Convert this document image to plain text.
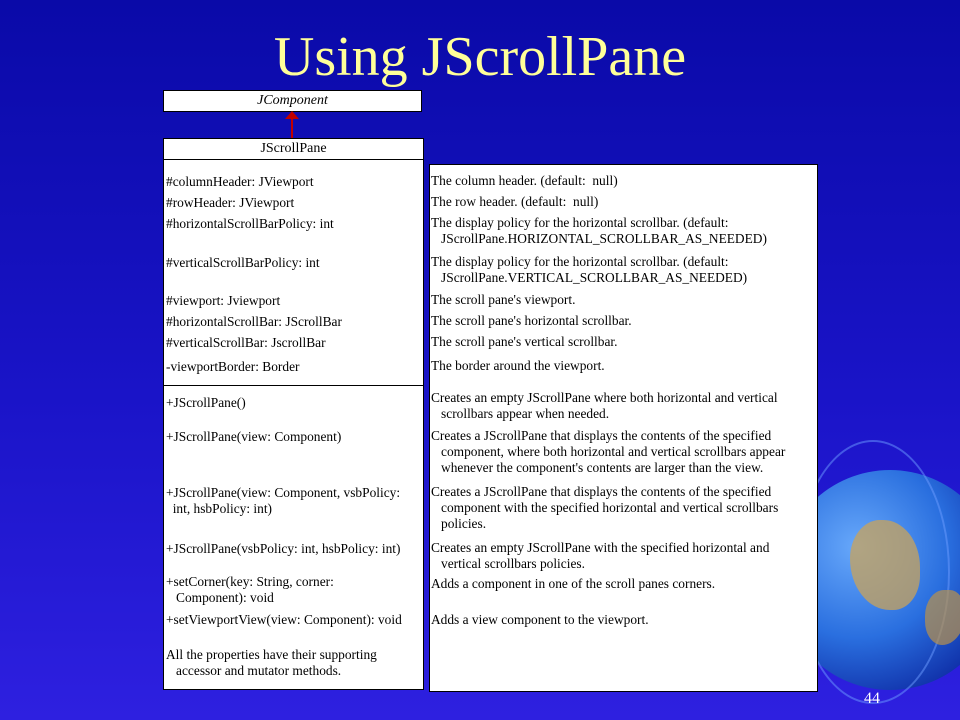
Using JScrollPane
JComponent
JScrollPane
#columnHeader: JViewport
#rowHeader: JViewport
#horizontalScrollBarPolicy: int
#verticalScrollBarPolicy: int
#viewport: Jviewport
#horizontalScrollBar: JScrollBar
#verticalScrollBar: JscrollBar
-viewportBorder: Border
+JScrollPane()
+JScrollPane(view: Component)
+JScrollPane(view: Component, vsbPolicy:
int, hsbPolicy: int)
+JScrollPane(vsbPolicy: int, hsbPolicy: int)
+setCorner(key: String, corner:
Component): void
+setViewportView(view: Component): void
All the properties have their supporting
accessor and mutator methods.
The column header. (default:  null)
The row header. (default:  null)
The display policy for the horizontal scrollbar. (default:
JScrollPane.HORIZONTAL_SCROLLBAR_AS_NEEDED)
The display policy for the horizontal scrollbar. (default:
JScrollPane.VERTICAL_SCROLLBAR_AS_NEEDED)
The scroll pane's viewport.
The scroll pane's horizontal scrollbar.
The scroll pane's vertical scrollbar.
The border around the viewport.
Creates an empty JScrollPane where both horizontal and vertical
scrollbars appear when needed.
Creates a JScrollPane that displays the contents of the specified
component, where both horizontal and vertical scrollbars appear
whenever the component's contents are larger than the view.
Creates a JScrollPane that displays the contents of the specified
component with the specified horizontal and vertical scrollbars
policies.
Creates an empty JScrollPane with the specified horizontal and
vertical scrollbars policies.
Adds a component in one of the scroll panes corners.
Adds a view component to the viewport.
44
